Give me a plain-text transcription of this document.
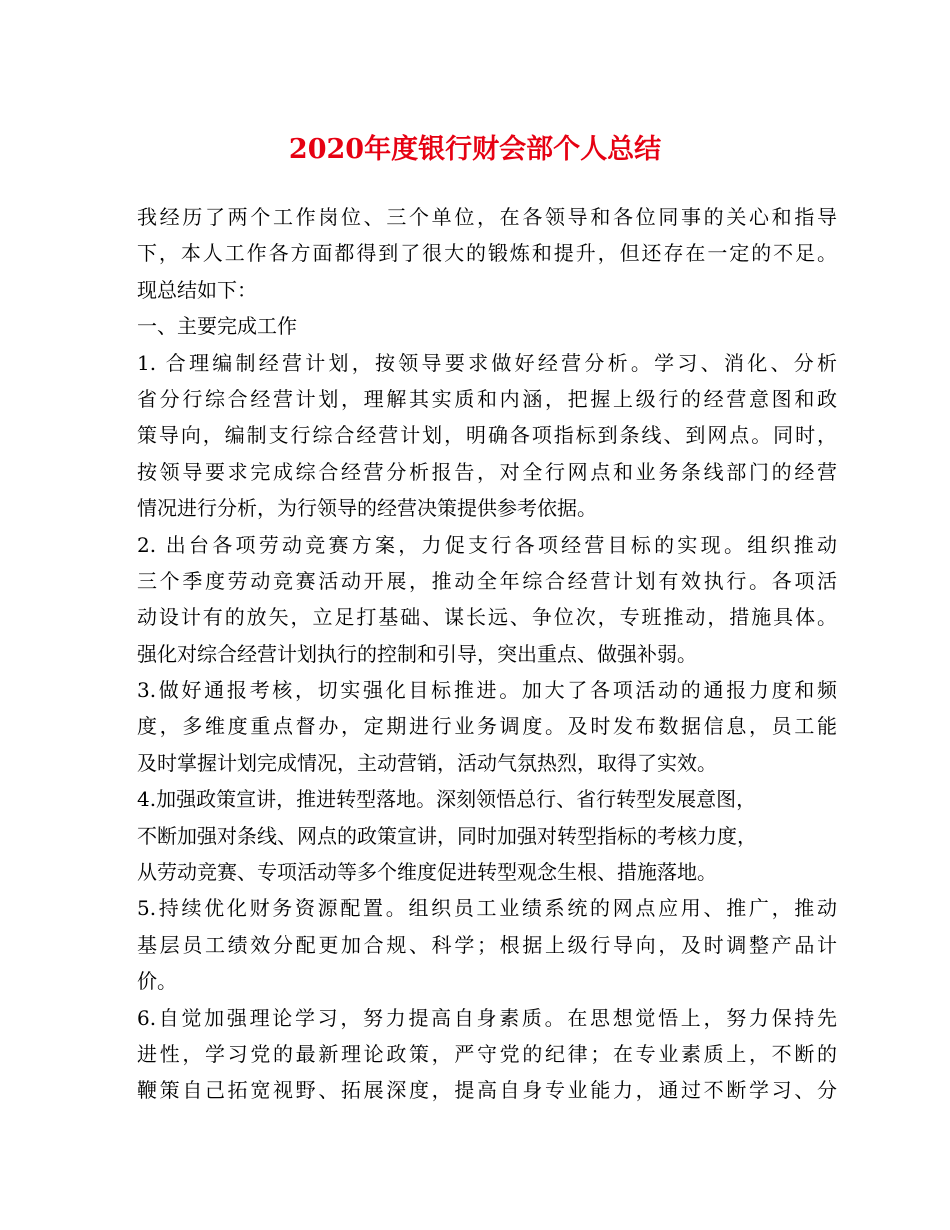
2020年度银行财会部个人总结
我经历了两个工作岗位、三个单位，在各领导和各位同事的关心和指导
下，本人工作各方面都得到了很大的锻炼和提升，但还存在一定的不足。
现总结如下：
一、主要完成工作
1. 合理编制经营计划，按领导要求做好经营分析。学习、消化、分析
省分行综合经营计划，理解其实质和内涵，把握上级行的经营意图和政
策导向，编制支行综合经营计划，明确各项指标到条线、到网点。同时，
按领导要求完成综合经营分析报告，对全行网点和业务条线部门的经营
情况进行分析，为行领导的经营决策提供参考依据。
2. 出台各项劳动竞赛方案，力促支行各项经营目标的实现。组织推动
三个季度劳动竞赛活动开展，推动全年综合经营计划有效执行。各项活
动设计有的放矢，立足打基础、谋长远、争位次，专班推动，措施具体。
强化对综合经营计划执行的控制和引导，突出重点、做强补弱。
3.做好通报考核，切实强化目标推进。加大了各项活动的通报力度和频
度，多维度重点督办，定期进行业务调度。及时发布数据信息，员工能
及时掌握计划完成情况，主动营销，活动气氛热烈，取得了实效。
4.加强政策宣讲，推进转型落地。深刻领悟总行、省行转型发展意图，
不断加强对条线、网点的政策宣讲，同时加强对转型指标的考核力度，
从劳动竞赛、专项活动等多个维度促进转型观念生根、措施落地。
5.持续优化财务资源配置。组织员工业绩系统的网点应用、推广，推动
基层员工绩效分配更加合规、科学；根据上级行导向，及时调整产品计
价。
6.自觉加强理论学习，努力提高自身素质。在思想觉悟上，努力保持先
进性，学习党的最新理论政策，严守党的纪律；在专业素质上，不断的
鞭策自己拓宽视野、拓展深度，提高自身专业能力，通过不断学习、分
